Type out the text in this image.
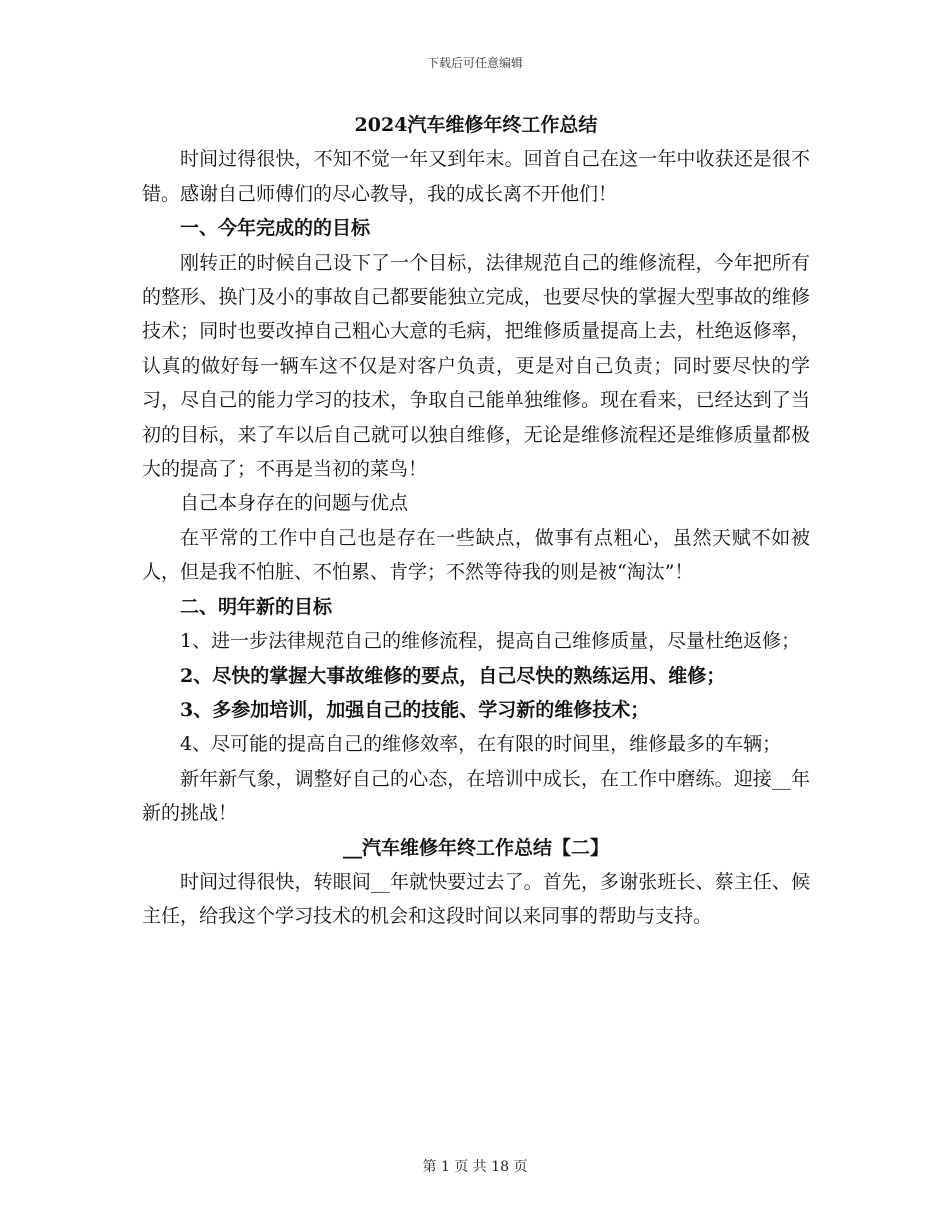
下载后可任意编辑

2024汽车维修年终工作总结

时间过得很快，不知不觉一年又到年末。回首自己在这一年中收获还是很不错。感谢自己师傅们的尽心教导，我的成长离不开他们！

一、今年完成的的目标

刚转正的时候自己设下了一个目标，法律规范自己的维修流程，今年把所有的整形、换门及小的事故自己都要能独立完成，也要尽快的掌握大型事故的维修技术；同时也要改掉自己粗心大意的毛病，把维修质量提高上去，杜绝返修率，认真的做好每一辆车这不仅是对客户负责，更是对自己负责；同时要尽快的学习，尽自己的能力学习的技术，争取自己能单独维修。现在看来，已经达到了当初的目标，来了车以后自己就可以独自维修，无论是维修流程还是维修质量都极大的提高了；不再是当初的菜鸟！

自己本身存在的问题与优点

在平常的工作中自己也是存在一些缺点，做事有点粗心，虽然天赋不如被人，但是我不怕脏、不怕累、肯学；不然等待我的则是被“淘汰”！

二、明年新的目标

1、进一步法律规范自己的维修流程，提高自己维修质量，尽量杜绝返修；

2、尽快的掌握大事故维修的要点，自己尽快的熟练运用、维修；

3、多参加培训，加强自己的技能、学习新的维修技术；

4、尽可能的提高自己的维修效率，在有限的时间里，维修最多的车辆；

新年新气象，调整好自己的心态，在培训中成长，在工作中磨练。迎接__年新的挑战！

__汽车维修年终工作总结【二】

时间过得很快，转眼间__年就快要过去了。首先，多谢张班长、蔡主任、候主任，给我这个学习技术的机会和这段时间以来同事的帮助与支持。

第 1 页 共 18 页
